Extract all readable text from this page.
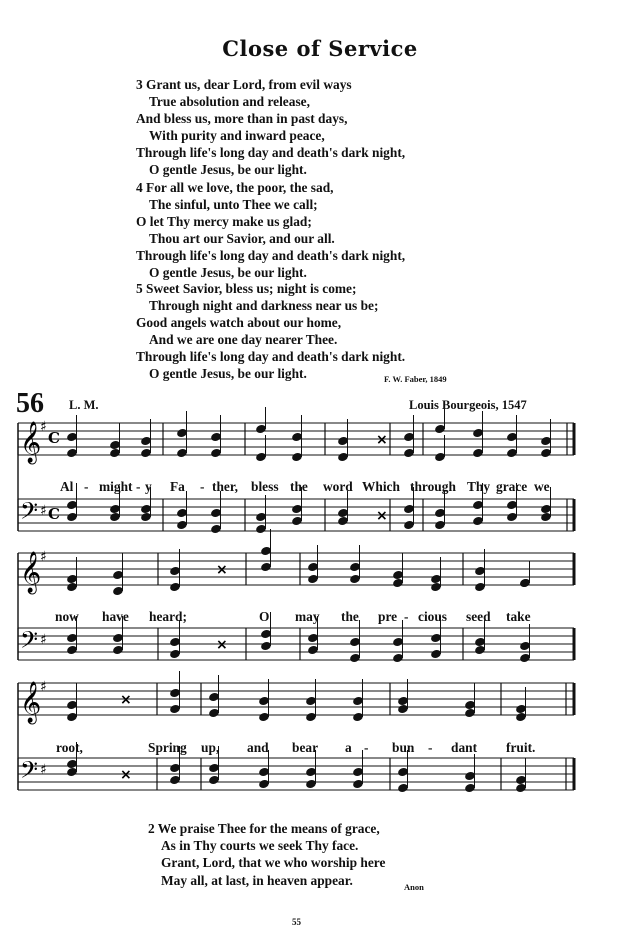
Close of Service
3 Grant us, dear Lord, from evil ways
True absolution and release,
And bless us, more than in past days,
With purity and inward peace,
Through life's long day and death's dark night,
O gentle Jesus, be our light.
4 For all we love, the poor, the sad,
The sinful, unto Thee we call;
O let Thy mercy make us glad;
Thou art our Savior, and our all.
Through life's long day and death's dark night,
O gentle Jesus, be our light.
5 Sweet Savior, bless us; night is come;
Through night and darkness near us be;
Good angels watch about our home,
And we are one day nearer Thee.
Through life's long day and death's dark night.
O gentle Jesus, be our light.	F. W. Faber, 1849
56 L. M.	Louis Bourgeois, 1547
×
×
×
×
×
×
𝄞
𝄢
♯
♯
C
C
𝄞
𝄢
♯
♯
𝄞
𝄢
♯
♯
Al - might - y Fa - ther, bless the word Which through Thy grace we
now have heard;	O may the pre - cious seed take
root,	Spring up, and bear a - bun - dant fruit.
2 We praise Thee for the means of grace,
As in Thy courts we seek Thy face.
Grant, Lord, that we who worship here
May all, at last, in heaven appear.	Anon
55
